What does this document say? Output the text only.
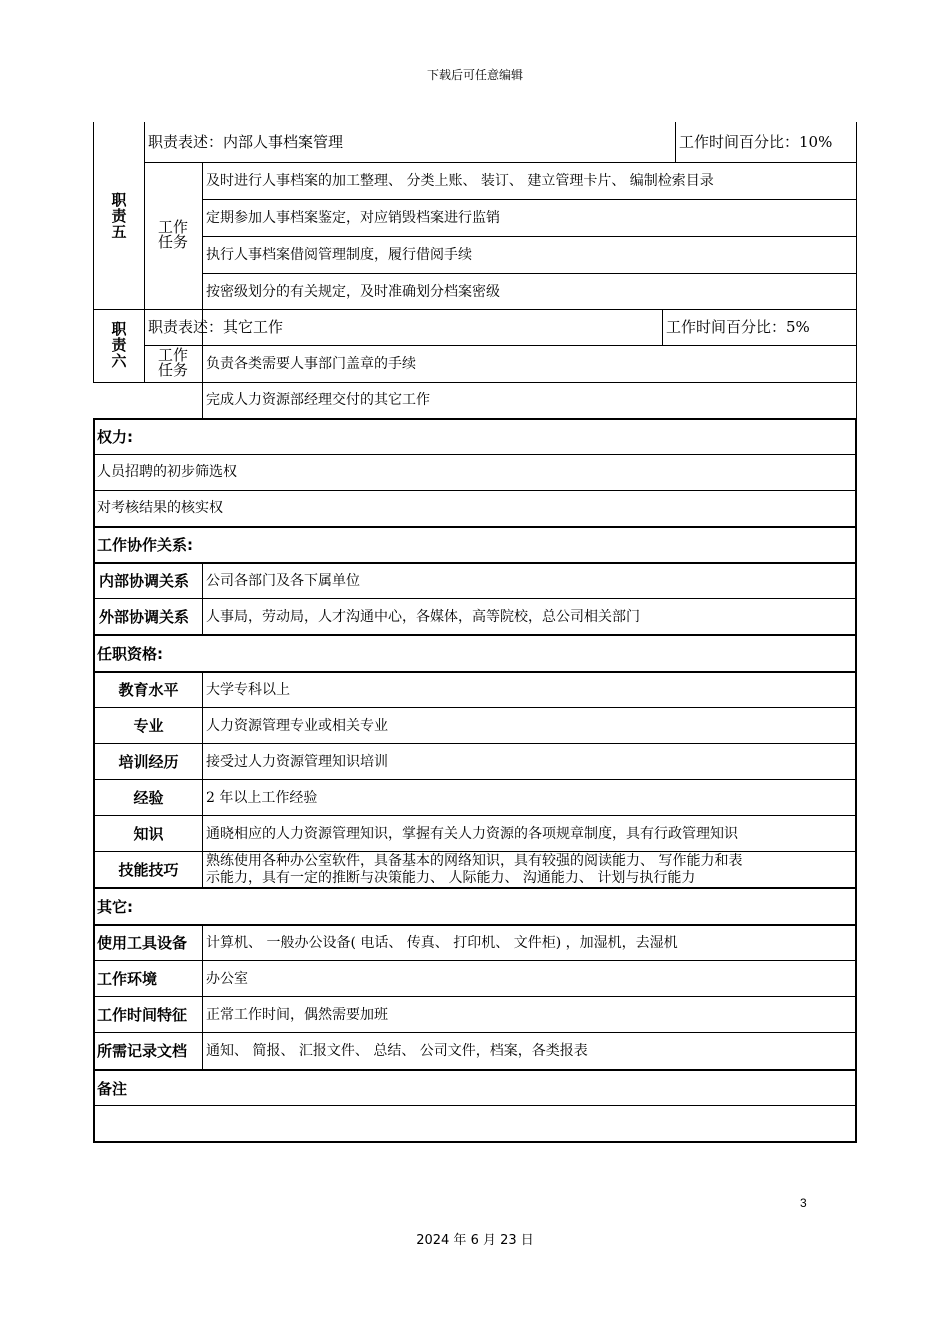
下载后可任意编辑
职
责
五
职责表述：内部人事档案管理	工作时间百分比：10%
工作
任务
及时进行人事档案的加工整理、 分类上账、 装订、 建立管理卡片、 编制检索目录
定期参加人事档案鉴定，对应销毁档案进行监销
执行人事档案借阅管理制度，履行借阅手续
按密级划分的有关规定，及时准确划分档案密级
职
责
六
职责表述：其它工作	工作时间百分比：5%
工作
任务 负责各类需要人事部门盖章的手续
完成人力资源部经理交付的其它工作
权力:
人员招聘的初步筛选权
对考核结果的核实权
工作协作关系:
内部协调关系 公司各部门及各下属单位
外部协调关系 人事局，劳动局，人才沟通中心，各媒体，高等院校，总公司相关部门
任职资格:
教育水平	大学专科以上
专业	人力资源管理专业或相关专业
培训经历	接受过人力资源管理知识培训
经验	2 年以上工作经验
知识	通晓相应的人力资源管理知识，掌握有关人力资源的各项规章制度，具有行政管理知识
技能技巧	熟练使用各种办公室软件，具备基本的网络知识，具有较强的阅读能力、 写作能力和表
示能力，具有一定的推断与决策能力、 人际能力、 沟通能力、 计划与执行能力
其它:
使用工具设备 计算机、 一般办公设备( 电话、 传真、 打印机、 文件柜) ，加湿机，去湿机
工作环境	办公室
工作时间特征 正常工作时间，偶然需要加班
所需记录文档 通知、 简报、 汇报文件、 总结、 公司文件，档案，各类报表
备注
3
2024 年 6 月 23 日
